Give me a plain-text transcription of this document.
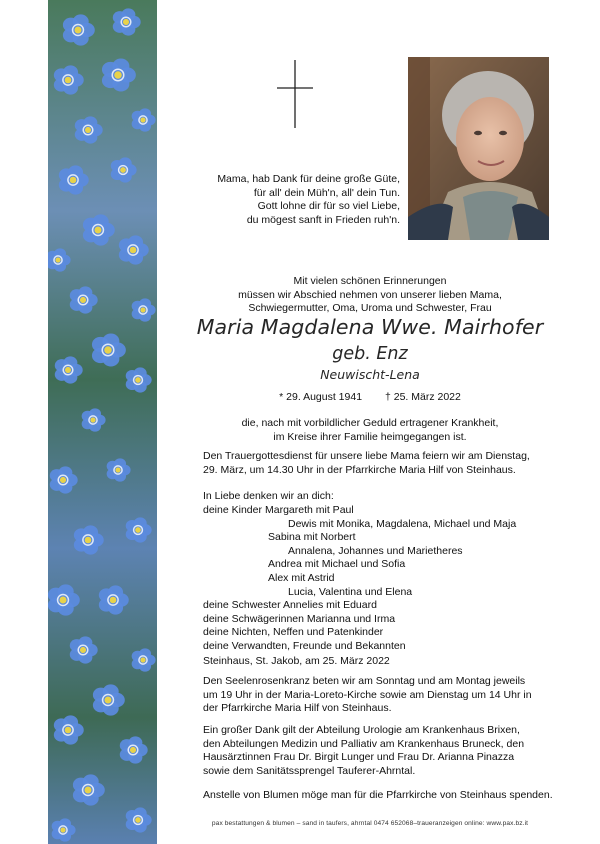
Mama, hab Dank für deine große Güte,
für all' dein Müh'n, all' dein Tun.
Gott lohne dir für so viel Liebe,
du mögest sanft in Frieden ruh'n.
Mit vielen schönen Erinnerungen
müssen wir Abschied nehmen von unserer lieben Mama,
Schwiegermutter, Oma, Uroma und Schwester, Frau
Maria Magdalena Wwe. Mairhofer
geb. Enz
Neuwischt-Lena
* 29. August 1941 † 25. März 2022
die, nach mit vorbildlicher Geduld ertragener Krankheit,
im Kreise ihrer Familie heimgegangen ist.
Den Trauergottesdienst für unsere liebe Mama feiern wir am Dienstag,
29. März, um 14.30 Uhr in der Pfarrkirche Maria Hilf von Steinhaus.
In Liebe denken wir an dich:
deine Kinder Margareth mit Paul
Dewis mit Monika, Magdalena, Michael und Maja
Sabina mit Norbert
Annalena, Johannes und Marietheres
Andrea mit Michael und Sofia
Alex mit Astrid
Lucia, Valentina und Elena
deine Schwester Annelies mit Eduard
deine Schwägerinnen Marianna und Irma
deine Nichten, Neffen und Patenkinder
deine Verwandten, Freunde und Bekannten
Steinhaus, St. Jakob, am 25. März 2022
Den Seelenrosenkranz beten wir am Sonntag und am Montag jeweils
um 19 Uhr in der Maria-Loreto-Kirche sowie am Dienstag um 14 Uhr in
der Pfarrkirche Maria Hilf von Steinhaus.
Ein großer Dank gilt der Abteilung Urologie am Krankenhaus Brixen,
den Abteilungen Medizin und Palliativ am Krankenhaus Bruneck, den
Hausärztinnen Frau Dr. Birgit Lunger und Frau Dr. Arianna Pinazza
sowie dem Sanitätssprengel Tauferer-Ahrntal.
Anstelle von Blumen möge man für die Pfarrkirche von Steinhaus spenden.
pax bestattungen & blumen – sand in taufers, ahrntal 0474 652068–traueranzeigen online: www.pax.bz.it
